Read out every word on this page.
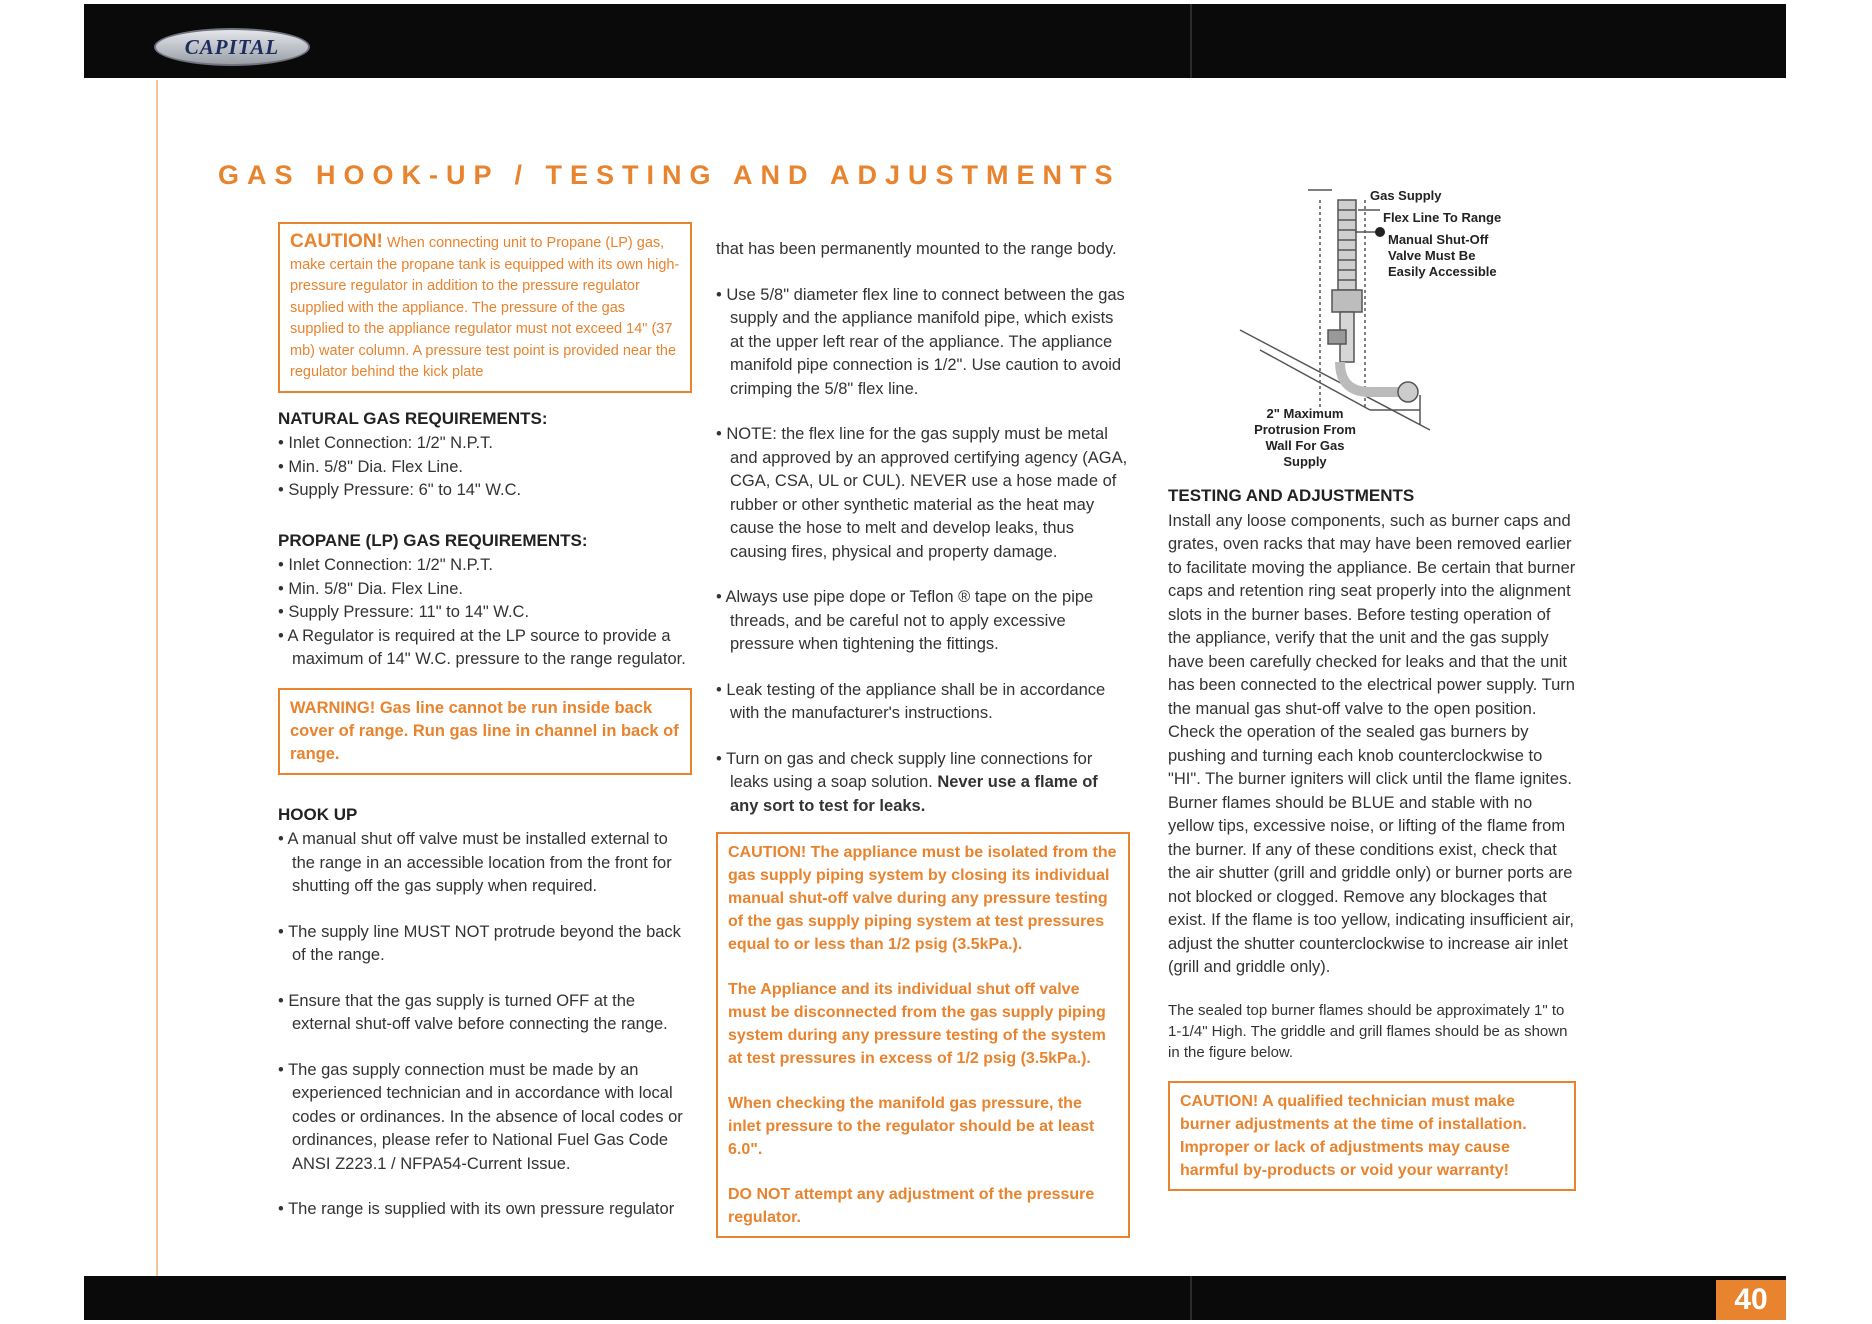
CAPITAL
GAS HOOK-UP / TESTING AND ADJUSTMENTS
CAUTION! When connecting unit to Propane (LP) gas, make certain the propane tank is equipped with its own high-pressure regulator in addition to the pressure regulator supplied with the appliance. The pressure of the gas supplied to the appliance regulator must not exceed 14" (37 mb) water column. A pressure test point is provided near the regulator behind the kick plate
NATURAL GAS REQUIREMENTS:
• Inlet Connection: 1/2" N.P.T.
• Min. 5/8" Dia. Flex Line.
• Supply Pressure: 6" to 14" W.C.
PROPANE (LP) GAS REQUIREMENTS:
• Inlet Connection: 1/2" N.P.T.
• Min. 5/8" Dia. Flex Line.
• Supply Pressure: 11" to 14" W.C.
• A Regulator is required at the LP source to provide a maximum of 14" W.C. pressure to the range regulator.
WARNING! Gas line cannot be run inside back cover of range. Run gas line in channel in back of range.
HOOK UP
• A manual shut off valve must be installed external to the range in an accessible location from the front for shutting off the gas supply when required.
• The supply line MUST NOT protrude beyond the back of the range.
• Ensure that the gas supply is turned OFF at the external shut-off valve before connecting the range.
• The gas supply connection must be made by an experienced technician and in accordance with local codes or ordinances. In the absence of local codes or ordinances, please refer to National Fuel Gas Code ANSI Z223.1 / NFPA54-Current Issue.
• The range is supplied with its own pressure regulator

that has been permanently mounted to the range body.

• Use 5/8" diameter flex line to connect between the gas supply and the appliance manifold pipe, which exists at the upper left rear of the appliance. The appliance manifold pipe connection is 1/2". Use caution to avoid crimping the 5/8" flex line.
• NOTE: the flex line for the gas supply must be metal and approved by an approved certifying agency (AGA, CGA, CSA, UL or CUL). NEVER use a hose made of rubber or other synthetic material as the heat may cause the hose to melt and develop leaks, thus causing fires, physical and property damage.
• Always use pipe dope or Teflon ® tape on the pipe threads, and be careful not to apply excessive pressure when tightening the fittings.
• Leak testing of the appliance shall be in accordance with the manufacturer's instructions.
• Turn on gas and check supply line connections for leaks using a soap solution. Never use a flame of any sort to test for leaks.

CAUTION! The appliance must be isolated from the gas supply piping system by closing its individual manual shut-off valve during any pressure testing of the gas supply piping system at test pressures equal to or less than 1/2 psig (3.5kPa.).

The Appliance and its individual shut off valve must be disconnected from the gas supply piping system during any pressure testing of the system at test pressures in excess of 1/2 psig (3.5kPa.).

When checking the manifold gas pressure, the inlet pressure to the regulator should be at least 6.0".

DO NOT attempt any adjustment of the pressure regulator.

Gas Supply
Flex Line To Range
Manual Shut-Off Valve Must Be Easily Accessible
2" Maximum Protrusion From Wall For Gas Supply
TESTING AND ADJUSTMENTS

Install any loose components, such as burner caps and grates, oven racks that may have been removed earlier to facilitate moving the appliance. Be certain that burner caps and retention ring seat properly into the alignment slots in the burner bases. Before testing operation of the appliance, verify that the unit and the gas supply have been carefully checked for leaks and that the unit has been connected to the electrical power supply. Turn the manual gas shut-off valve to the open position. Check the operation of the sealed gas burners by pushing and turning each knob counterclockwise to "HI". The burner igniters will click until the flame ignites. Burner flames should be BLUE and stable with no yellow tips, excessive noise, or lifting of the flame from the burner. If any of these conditions exist, check that the air shutter (grill and griddle only) or burner ports are not blocked or clogged. Remove any blockages that exist. If the flame is too yellow, indicating insufficient air, adjust the shutter counterclockwise to increase air inlet (grill and griddle only).

The sealed top burner flames should be approximately 1" to 1-1/4" High. The griddle and grill flames should be as shown in the figure below.

CAUTION! A qualified technician must make burner adjustments at the time of installation. Improper or lack of adjustments may cause harmful by-products or void your warranty!
40
